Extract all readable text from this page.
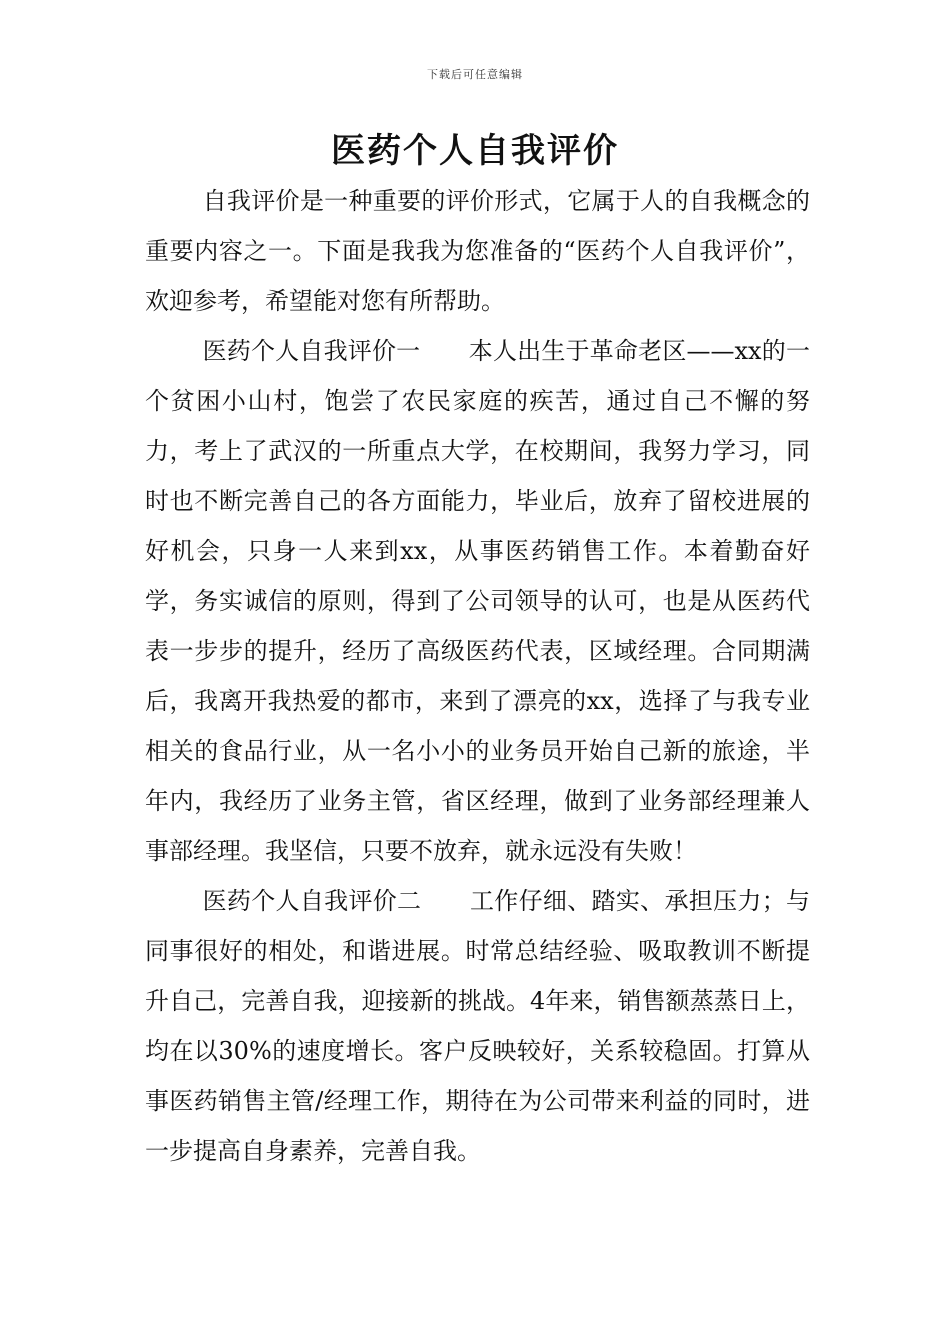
下载后可任意编辑
医药个人自我评价

自我评价是一种重要的评价形式，它属于人的自我概念的重要内容之一。下面是我我为您准备的“医药个人自我评价”，欢迎参考，希望能对您有所帮助。

医药个人自我评价一　　本人出生于革命老区——xx的一个贫困小山村，饱尝了农民家庭的疾苦，通过自己不懈的努力，考上了武汉的一所重点大学，在校期间，我努力学习，同时也不断完善自己的各方面能力，毕业后，放弃了留校进展的好机会，只身一人来到xx，从事医药销售工作。本着勤奋好学，务实诚信的原则，得到了公司领导的认可，也是从医药代表一步步的提升，经历了高级医药代表，区域经理。合同期满后，我离开我热爱的都市，来到了漂亮的xx，选择了与我专业相关的食品行业，从一名小小的业务员开始自己新的旅途，半年内，我经历了业务主管，省区经理，做到了业务部经理兼人事部经理。我坚信，只要不放弃，就永远没有失败！

医药个人自我评价二　　工作仔细、踏实、承担压力；与同事很好的相处，和谐进展。时常总结经验、吸取教训不断提升自己，完善自我，迎接新的挑战。4年来，销售额蒸蒸日上，均在以30%的速度增长。客户反映较好，关系较稳固。打算从事医药销售主管/经理工作，期待在为公司带来利益的同时，进一步提高自身素养，完善自我。
